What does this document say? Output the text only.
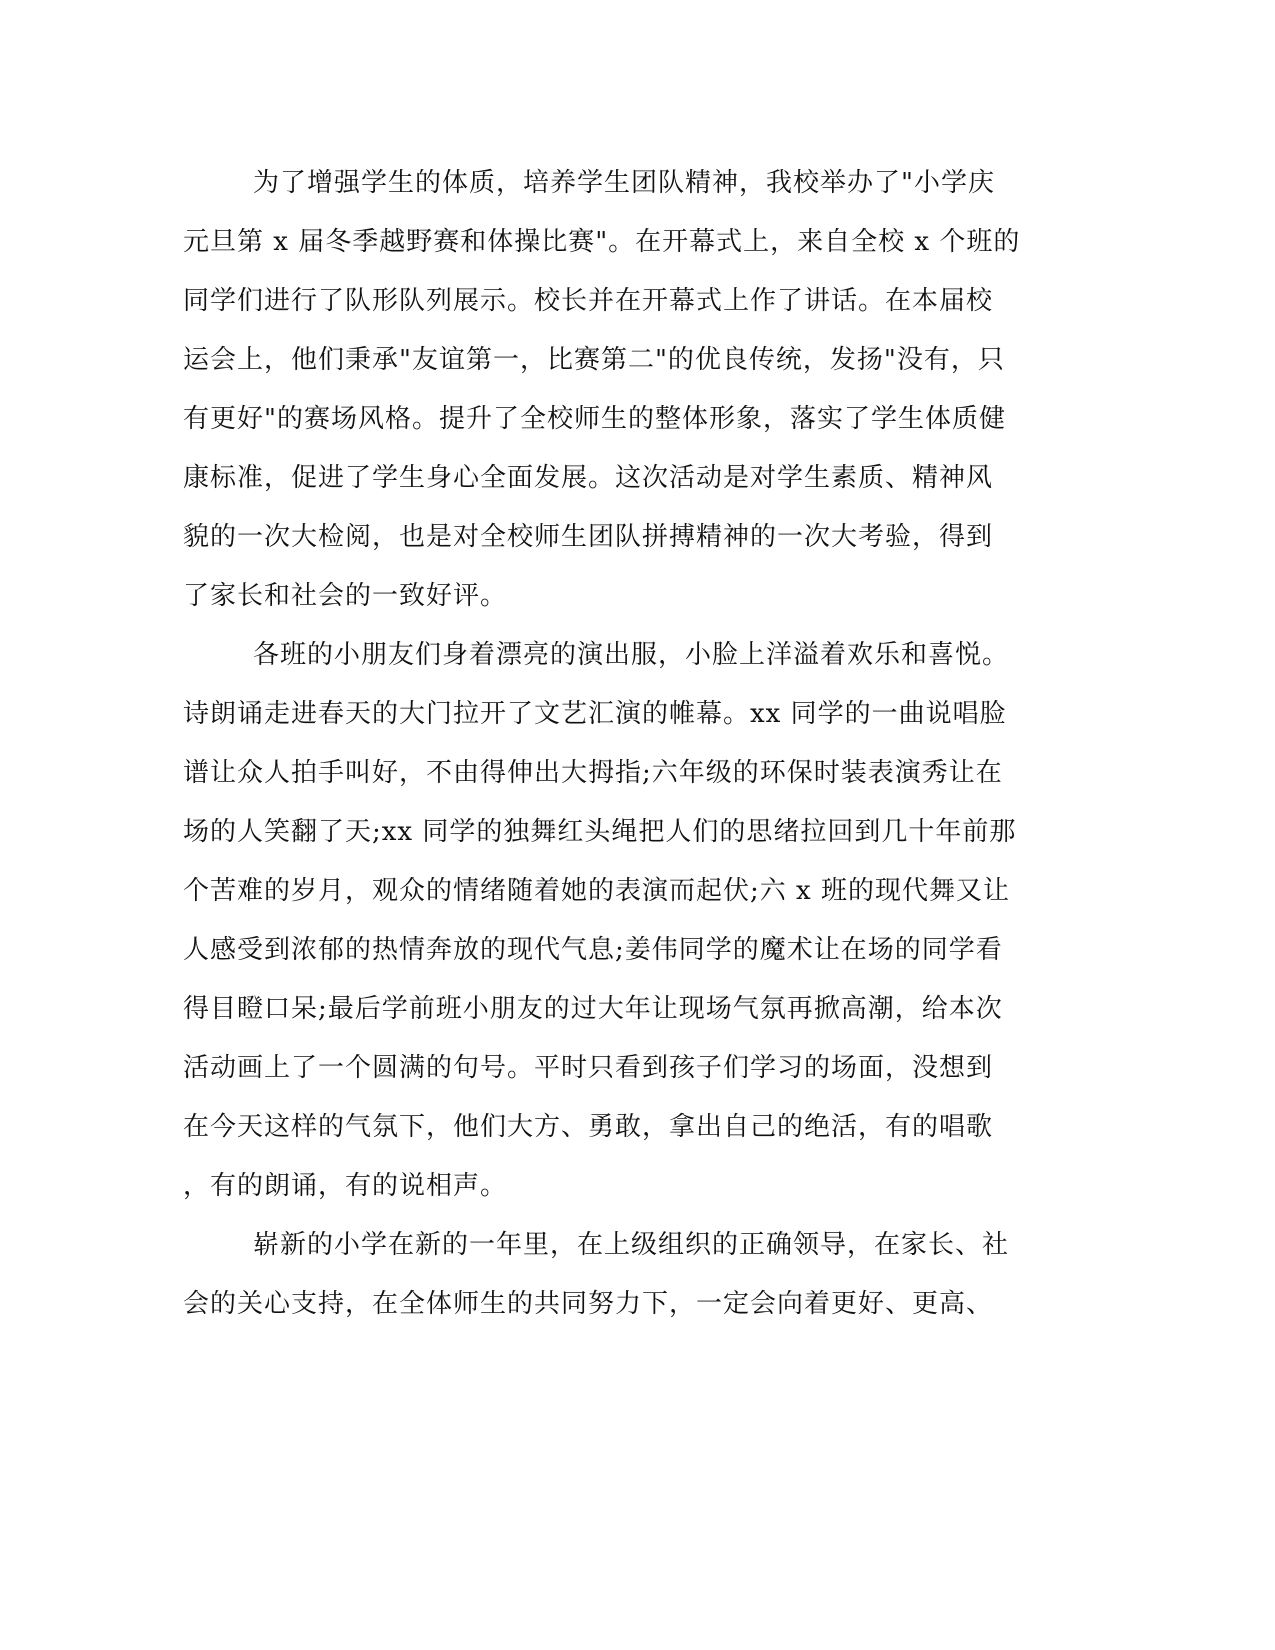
为了增强学生的体质，培养学生团队精神，我校举办了"小学庆
元旦第 x 届冬季越野赛和体操比赛"。在开幕式上，来自全校 x 个班的
同学们进行了队形队列展示。校长并在开幕式上作了讲话。在本届校
运会上，他们秉承"友谊第一，比赛第二"的优良传统，发扬"没有，只
有更好"的赛场风格。提升了全校师生的整体形象，落实了学生体质健
康标准，促进了学生身心全面发展。这次活动是对学生素质、精神风
貌的一次大检阅，也是对全校师生团队拼搏精神的一次大考验，得到
了家长和社会的一致好评。
各班的小朋友们身着漂亮的演出服，小脸上洋溢着欢乐和喜悦。
诗朗诵走进春天的大门拉开了文艺汇演的帷幕。xx 同学的一曲说唱脸
谱让众人拍手叫好，不由得伸出大拇指;六年级的环保时装表演秀让在
场的人笑翻了天;xx 同学的独舞红头绳把人们的思绪拉回到几十年前那
个苦难的岁月，观众的情绪随着她的表演而起伏;六 x 班的现代舞又让
人感受到浓郁的热情奔放的现代气息;姜伟同学的魔术让在场的同学看
得目瞪口呆;最后学前班小朋友的过大年让现场气氛再掀高潮，给本次
活动画上了一个圆满的句号。平时只看到孩子们学习的场面，没想到
在今天这样的气氛下，他们大方、勇敢，拿出自己的绝活，有的唱歌
，有的朗诵，有的说相声。
崭新的小学在新的一年里，在上级组织的正确领导，在家长、社
会的关心支持，在全体师生的共同努力下，一定会向着更好、更高、
